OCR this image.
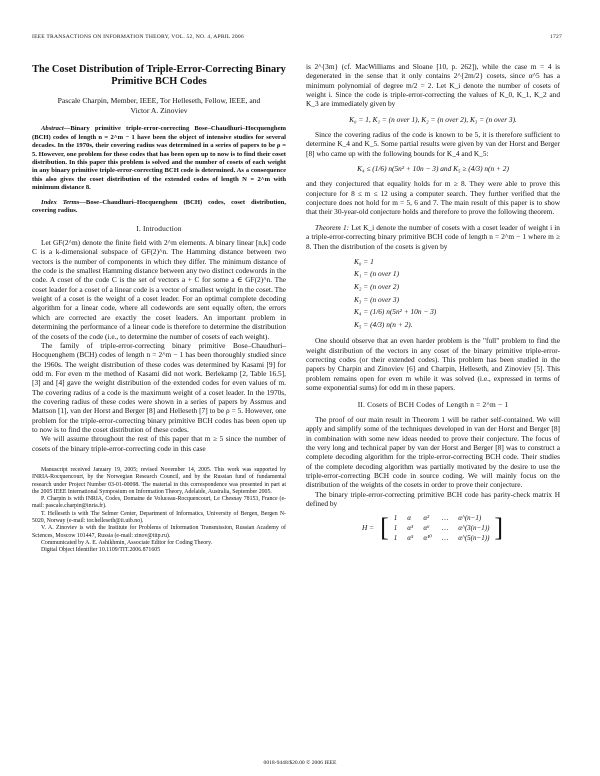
IEEE TRANSACTIONS ON INFORMATION THEORY, VOL. 52, NO. 4, APRIL 2006	1727
The Coset Distribution of Triple-Error-Correcting Binary Primitive BCH Codes
Pascale Charpin, Member, IEEE, Tor Helleseth, Fellow, IEEE, and
Victor A. Zinoviev

Abstract—Binary primitive triple-error-correcting Bose–Chaudhuri–Hocquenghem (BCH) codes of length n = 2^m − 1 have been the object of intensive studies for several decades. In the 1970s, their covering radius was determined in a series of papers to be ρ = 5. However, one problem for these codes that has been open up to now is to find their coset distribution. In this paper this problem is solved and the number of cosets of each weight in any binary primitive triple-error-correcting BCH code is determined. As a consequence this also gives the coset distribution of the extended codes of length N = 2^m with minimum distance 8.

Index Terms—Bose–Chaudhuri–Hocquenghem (BCH) codes, coset distribution, covering radius.

I. Introduction

Let GF(2^m) denote the finite field with 2^m elements. A binary linear [n,k] code C is a k-dimensional subspace of GF(2)^n. The Hamming distance between two vectors is the number of components in which they differ. The minimum distance of the code is the smallest Hamming distance between any two distinct codewords in the code. A coset of the code C is the set of vectors a + C for some a ∈ GF(2)^n. The coset leader for a coset of a linear code is a vector of smallest weight in the coset. The weight of a coset is the weight of a coset leader. For an optimal complete decoding algorithm for a linear code, where all codewords are sent equally often, the errors which are corrected are exactly the coset leaders. An important problem in determining the performance of a linear code is therefore to determine the distribution of the cosets of the code (i.e., to determine the number of cosets of each weight).

The family of triple-error-correcting binary primitive Bose–Chaudhuri–Hocquenghem (BCH) codes of length n = 2^m − 1 has been thoroughly studied since the 1960s. The weight distribution of these codes was determined by Kasami [9] for odd m. For even m the method of Kasami did not work. Berlekamp [2, Table 16.5], [3] and [4] gave the weight distribution of the extended codes for even values of m. The covering radius of a code is the maximum weight of a coset leader. In the 1970s, the covering radius of these codes were shown in a series of papers by Assmus and Mattson [1], van der Horst and Berger [8] and Helleseth [7] to be ρ = 5. However, one problem for the triple-error-correcting binary primitive BCH codes has been open up to now is to find the coset distribution of these codes.

We will assume throughout the rest of this paper that m ≥ 5 since the number of cosets of the binary triple-error-correcting code in this case

Manuscript received January 19, 2005; revised November 14, 2005. This work was supported by INRIA-Rocquencourt, by the Norwegian Research Council, and by the Russian fund of fundamental research under Project Number 03-01-00098. The material in this correspondence was presented in part at the 2005 IEEE International Symposium on Information Theory, Adelaide, Australia, September 2005.

P. Charpin is with INRIA, Codes, Domaine de Voluceau-Rocquencourt, Le Chesnay 78153, France (e-mail: pascale.charpin@inria.fr).

T. Helleseth is with The Selmer Center, Department of Informatics, University of Bergen, Bergen N-5020, Norway (e-mail: tor.helleseth@ii.uib.no).

V. A. Zinoviev is with the Institute for Problems of Information Transmission, Russian Academy of Sciences, Moscow 101447, Russia (e-mail: zinov@iitp.ru).

Communicated by A. E. Ashikhmin, Associate Editor for Coding Theory.

Digital Object Identifier 10.1109/TIT.2006.871605

is 2^{3m} (cf. MacWilliams and Sloane [10, p. 262]), while the case m = 4 is degenerated in the sense that it only contains 2^{2m/2} cosets, since α^5 has a minimum polynomial of degree m/2 = 2. Let K_i denote the number of cosets of weight i. Since the code is triple-error-correcting the values of K_0, K_1, K_2 and K_3 are immediately given by

K₀ = 1, K₁ = (n over 1), K₂ = (n over 2), K₃ = (n over 3).

Since the covering radius of the code is known to be 5, it is therefore sufficient to determine K_4 and K_5. Some partial results were given by van der Horst and Berger [8] who came up with the following bounds for K_4 and K_5:

K₄ ≤ (1/6) n(5n² + 10n − 3) and K₅ ≥ (4/3) n(n + 2)

and they conjectured that equality holds for m ≥ 8. They were able to prove this conjecture for 8 ≤ m ≤ 12 using a computer search. They further verified that the conjecture does not hold for m = 5, 6 and 7. The main result of this paper is to show that their 30-year-old conjecture holds and therefore to prove the following theorem.

Theorem 1: Let K_i denote the number of cosets with a coset leader of weight i in a triple-error-correcting binary primitive BCH code of length n = 2^m − 1 where m ≥ 8. Then the distribution of the cosets is given by

K₀ = 1
K₁ = (n over 1)
K₂ = (n over 2)
K₃ = (n over 3)
K₄ = (1/6) n(5n² + 10n − 3)
K₅ = (4/3) n(n + 2).

One should observe that an even harder problem is the "full" problem to find the weight distribution of the vectors in any coset of the binary primitive triple-error-correcting codes (or their extended codes). This problem has been studied in the papers by Charpin and Zinoviev [6] and Charpin, Helleseth, and Zinoviev [5]. This problem remains open for even m while it was solved (i.e., expressed in terms of some exponential sums) for odd m in these papers.

II. Cosets of BCH Codes of Length n = 2^m − 1

The proof of our main result in Theorem 1 will be rather self-contained. We will apply and simplify some of the techniques developed in van der Horst and Berger [8] in combination with some new ideas needed to prove their conjecture. The focus of the very long and technical paper by van der Horst and Berger [8] was to construct a complete decoding algorithm for the triple-error-correcting BCH code. Their studies of the complete decoding algorithm was partially motivated by the desire to use the triple-error-correcting BCH code in source coding. We will mainly focus on the distribution of the weights of the cosets in order to prove their conjecture.

The binary triple-error-correcting primitive BCH code has parity-check matrix H defined by

H = [ 1	α	α²	…	α^(n−1)
1	α³	α⁶	…	α^(3(n−1))
1	α⁵	α¹⁰	…	α^(5(n−1)) ]
0018-9448/$20.00 © 2006 IEEE
